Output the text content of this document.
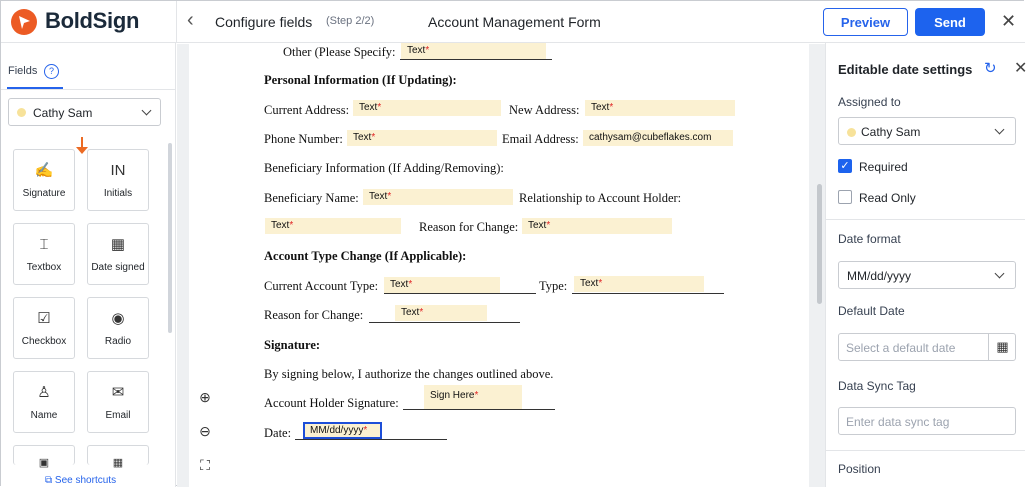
BoldSign ‹ Configure fields (Step 2/2)	Account Management Form	Preview	Send	✕
Fields	?
Cathy Sam
✍
Signature
IN
Initials
⌶
Textbox
▦
Date signed
☑
Checkbox
◉
Radio
♙
Name
✉
Email
▣	▦
⧉ See shortcuts
Other (Please Specify:	Text*
Personal Information (If Updating):
Current Address: Text*	New Address:	Text*
Phone Number:	Text*	Email Address:	cathysam@cubeflakes.com
Beneficiary Information (If Adding/Removing):
Beneficiary Name:	Text*	Relationship to Account Holder:
Text*	Reason for Change: Text*
Account Type Change (If Applicable):
Current Account Type:	Text*	Type:	Text*
Reason for Change:	Text*
Signature:
By signing below, I authorize the changes outlined above.
Account Holder Signature:
Sign Here*
Date:	MM/dd/yyyy*
⊕
⊖
⛶
Editable date settings ↻ ✕
Assigned to
Cathy Sam
✓ Required
Read Only
Date format
MM/dd/yyyy
Default Date
Select a default date	▦
Data Sync Tag
Enter data sync tag
Position
